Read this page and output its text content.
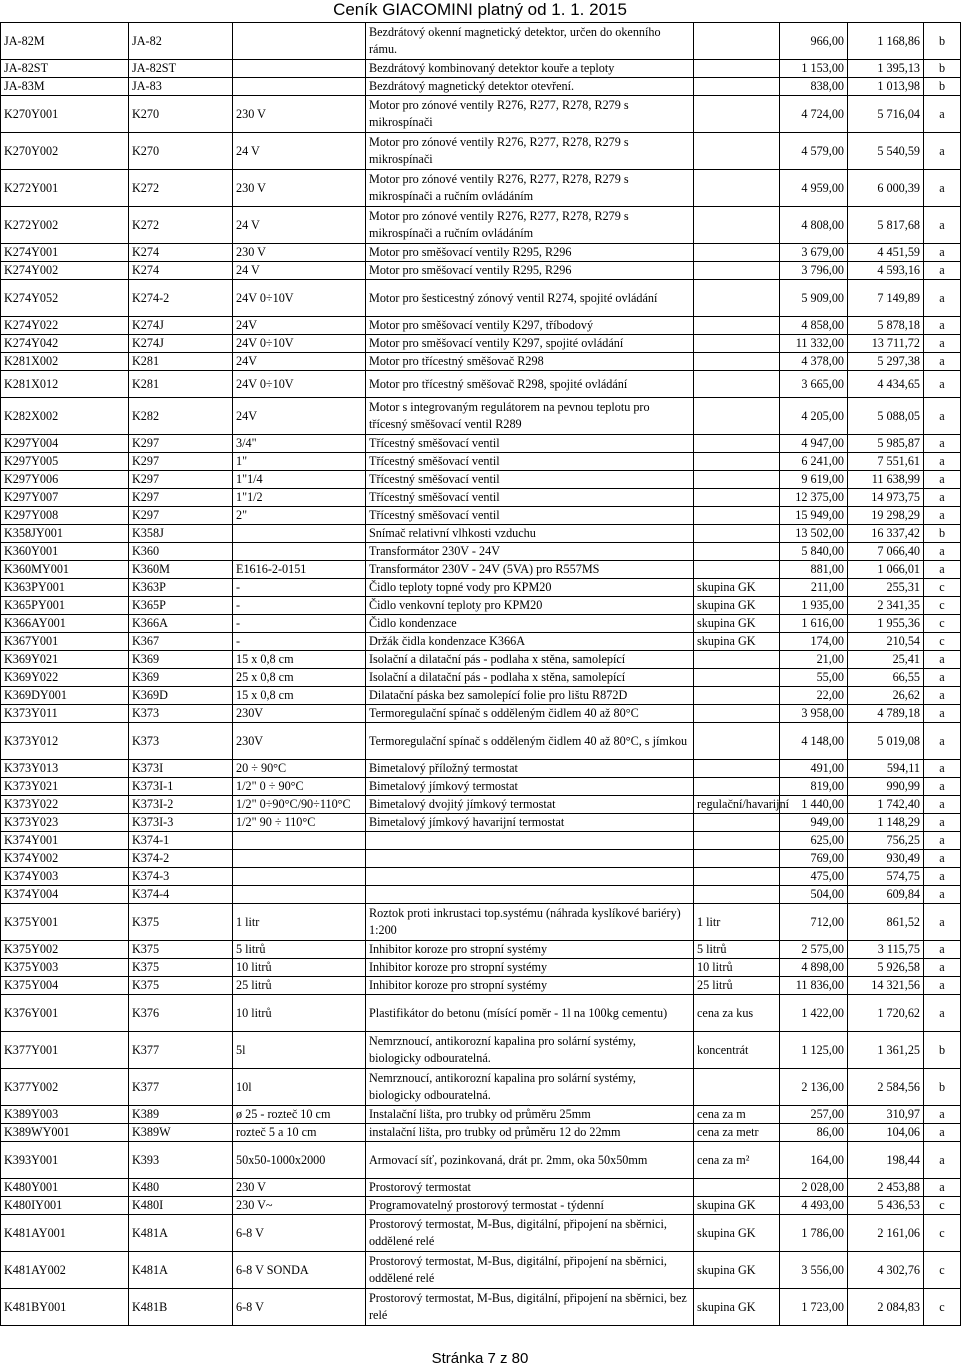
Ceník GIACOMINI platný od 1. 1. 2015
JA-82M	JA-82		Bezdrátový okenní magnetický detektor, určen do okenního rámu.		966,00	1 168,86	b
JA-82ST	JA-82ST		Bezdrátový kombinovaný detektor kouře a teploty		1 153,00	1 395,13	b
JA-83M	JA-83		Bezdrátový magnetický detektor otevření.		838,00	1 013,98	b
K270Y001	K270	230 V	Motor pro zónové ventily R276, R277, R278, R279 s mikrospínači		4 724,00	5 716,04	a
K270Y002	K270	24 V	Motor pro zónové ventily R276, R277, R278, R279 s mikrospínači		4 579,00	5 540,59	a
K272Y001	K272	230 V	Motor pro zónové ventily R276, R277, R278, R279 s mikrospínači a ručním ovládáním		4 959,00	6 000,39	a
K272Y002	K272	24 V	Motor pro zónové ventily R276, R277, R278, R279 s mikrospínači a ručním ovládáním		4 808,00	5 817,68	a
K274Y001	K274	230 V	Motor pro směšovací ventily R295, R296		3 679,00	4 451,59	a
K274Y002	K274	24 V	Motor pro směšovací ventily R295, R296		3 796,00	4 593,16	a
K274Y052	K274-2	24V 0÷10V	Motor pro šesticestný zónový ventil R274, spojité ovládání		5 909,00	7 149,89	a
K274Y022	K274J	24V	Motor pro směšovací ventily K297, tříbodový		4 858,00	5 878,18	a
K274Y042	K274J	24V 0÷10V	Motor pro směšovací ventily K297, spojité ovládání		11 332,00	13 711,72	a
K281X002	K281	24V	Motor pro třícestný směšovač R298		4 378,00	5 297,38	a
K281X012	K281	24V 0÷10V	Motor pro třícestný směšovač R298, spojité ovládání		3 665,00	4 434,65	a
K282X002	K282	24V	Motor s integrovaným regulátorem na pevnou teplotu pro třícesný směšovací ventil R289		4 205,00	5 088,05	a
K297Y004	K297	3/4"	Třícestný směšovací ventil		4 947,00	5 985,87	a
K297Y005	K297	1"	Třícestný směšovací ventil		6 241,00	7 551,61	a
K297Y006	K297	1"1/4	Třícestný směšovací ventil		9 619,00	11 638,99	a
K297Y007	K297	1"1/2	Třícestný směšovací ventil		12 375,00	14 973,75	a
K297Y008	K297	2"	Třícestný směšovací ventil		15 949,00	19 298,29	a
K358JY001	K358J		Snímač relativní vlhkosti vzduchu		13 502,00	16 337,42	b
K360Y001	K360		Transformátor 230V - 24V		5 840,00	7 066,40	a
K360MY001	K360M	E1616-2-0151	Transformátor 230V - 24V (5VA) pro R557MS		881,00	1 066,01	a
K363PY001	K363P	-	Čidlo teploty topné vody pro KPM20	skupina GK	211,00	255,31	c
K365PY001	K365P	-	Čidlo venkovní teploty pro KPM20	skupina GK	1 935,00	2 341,35	c
K366AY001	K366A	-	Čidlo kondenzace	skupina GK	1 616,00	1 955,36	c
K367Y001	K367	-	Držák čidla kondenzace K366A	skupina GK	174,00	210,54	c
K369Y021	K369	15 x 0,8 cm	Isolační a dilatační pás - podlaha x stěna, samolepící		21,00	25,41	a
K369Y022	K369	25 x 0,8 cm	Isolační a dilatační pás - podlaha x stěna, samolepící		55,00	66,55	a
K369DY001	K369D	15 x 0,8 cm	Dilatační páska bez samolepící folie pro lištu R872D		22,00	26,62	a
K373Y011	K373	230V	Termoregulační spínač s odděleným čidlem 40 až 80°C		3 958,00	4 789,18	a
K373Y012	K373	230V	Termoregulační spínač s odděleným čidlem 40 až 80°C, s jímkou		4 148,00	5 019,08	a
K373Y013	K373I	20 ÷ 90°C	Bimetalový příložný termostat		491,00	594,11	a
K373Y021	K373I-1	1/2" 0 ÷ 90°C	Bimetalový jímkový termostat		819,00	990,99	a
K373Y022	K373I-2	1/2" 0÷90°C/90÷110°C	Bimetalový dvojitý jímkový termostat	regulační/havarijní	1 440,00	1 742,40	a
K373Y023	K373I-3	1/2" 90 ÷ 110°C	Bimetalový jímkový havarijní termostat		949,00	1 148,29	a
K374Y001	K374-1				625,00	756,25	a
K374Y002	K374-2				769,00	930,49	a
K374Y003	K374-3				475,00	574,75	a
K374Y004	K374-4				504,00	609,84	a
K375Y001	K375	1 litr	Roztok proti inkrustaci top.systému (náhrada kyslíkové bariéry) 1:200	1 litr	712,00	861,52	a
K375Y002	K375	5 litrů	Inhibitor koroze pro stropní systémy	5 litrů	2 575,00	3 115,75	a
K375Y003	K375	10 litrů	Inhibitor koroze pro stropní systémy	10 litrů	4 898,00	5 926,58	a
K375Y004	K375	25 litrů	Inhibitor koroze pro stropní systémy	25 litrů	11 836,00	14 321,56	a
K376Y001	K376	10 litrů	Plastifikátor do betonu (mísící poměr - 1l na 100kg cementu)	cena za kus	1 422,00	1 720,62	a
K377Y001	K377	5l	Nemrznoucí, antikorozní kapalina pro solární systémy, biologicky odbouratelná.	koncentrát	1 125,00	1 361,25	b
K377Y002	K377	10l	Nemrznoucí, antikorozní kapalina pro solární systémy, biologicky odbouratelná.		2 136,00	2 584,56	b
K389Y003	K389	ø 25 - rozteč 10 cm	Instalační lišta, pro trubky od průměru 25mm	cena za m	257,00	310,97	a
K389WY001	K389W	rozteč 5 a 10 cm	instalační lišta, pro trubky od průměru 12 do 22mm	cena za metr	86,00	104,06	a
K393Y001	K393	50x50-1000x2000	Armovací síť, pozinkovaná, drát pr. 2mm, oka 50x50mm	cena za m²	164,00	198,44	a
K480Y001	K480	230 V	Prostorový termostat		2 028,00	2 453,88	a
K480IY001	K480I	230 V~	Programovatelný prostorový termostat - týdenní	skupina GK	4 493,00	5 436,53	c
K481AY001	K481A	6-8 V	Prostorový termostat, M-Bus, digitální, připojení na sběrnici, oddělené relé	skupina GK	1 786,00	2 161,06	c
K481AY002	K481A	6-8 V SONDA	Prostorový termostat, M-Bus, digitální, připojení na sběrnici, oddělené relé	skupina GK	3 556,00	4 302,76	c
K481BY001	K481B	6-8 V	Prostorový termostat, M-Bus, digitální, připojení na sběrnici, bez relé	skupina GK	1 723,00	2 084,83	c
Stránka 7 z 80
